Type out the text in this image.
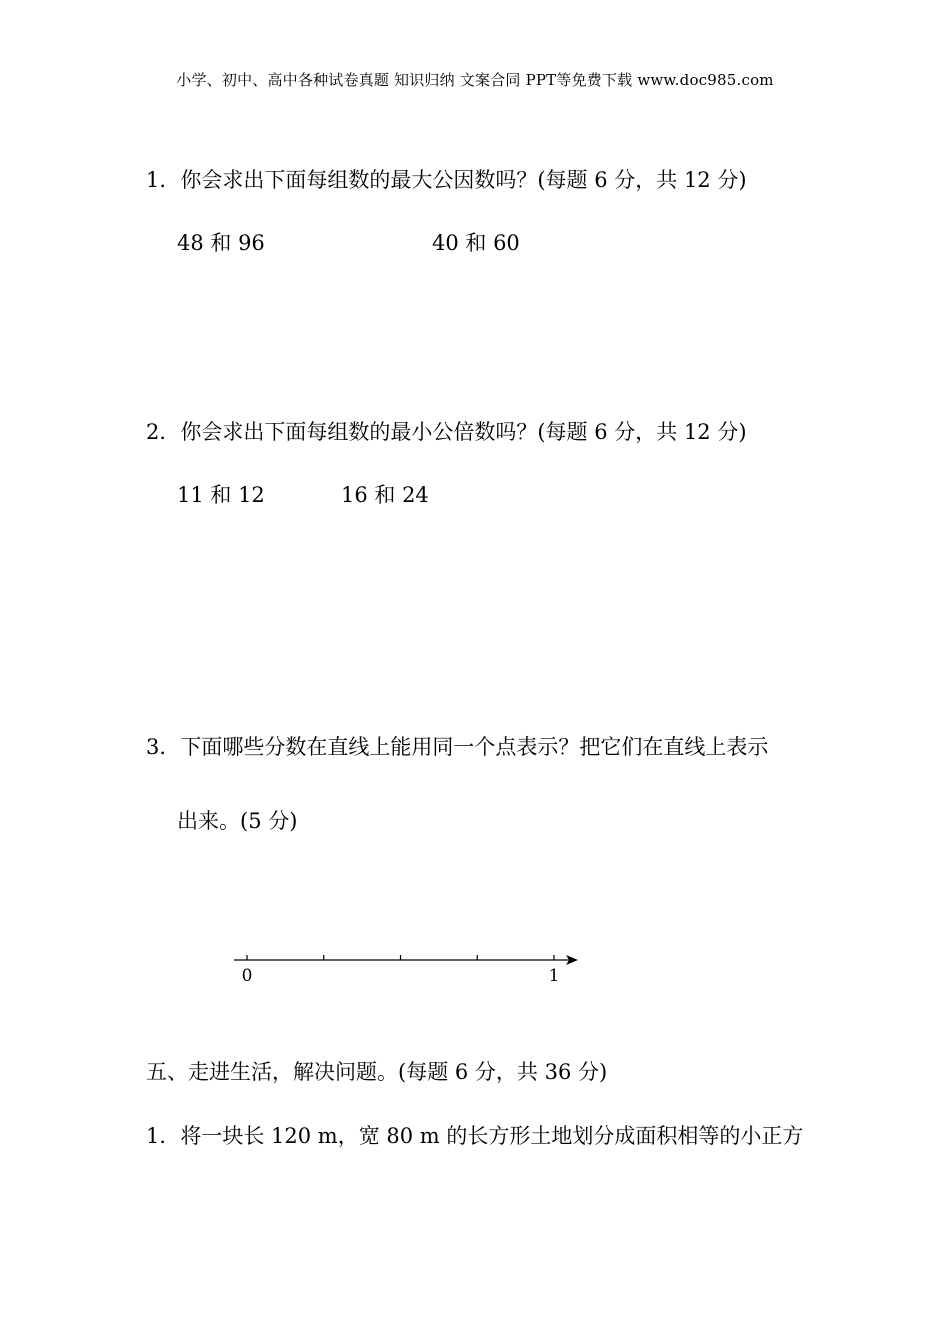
小学、初中、高中各种试卷真题 知识归纳 文案合同 PPT等免费下载 www.doc985.com
1．你会求出下面每组数的最大公因数吗？(每题 6 分，共 12 分)
48 和 96	40 和 60
2．你会求出下面每组数的最小公倍数吗？(每题 6 分，共 12 分)
11 和 12	16 和 24
3．下面哪些分数在直线上能用同一个点表示？把它们在直线上表示
出来。(5 分)
0	1
五、走进生活，解决问题。(每题 6 分，共 36 分)
1．将一块长 120 m，宽 80 m 的长方形土地划分成面积相等的小正方
